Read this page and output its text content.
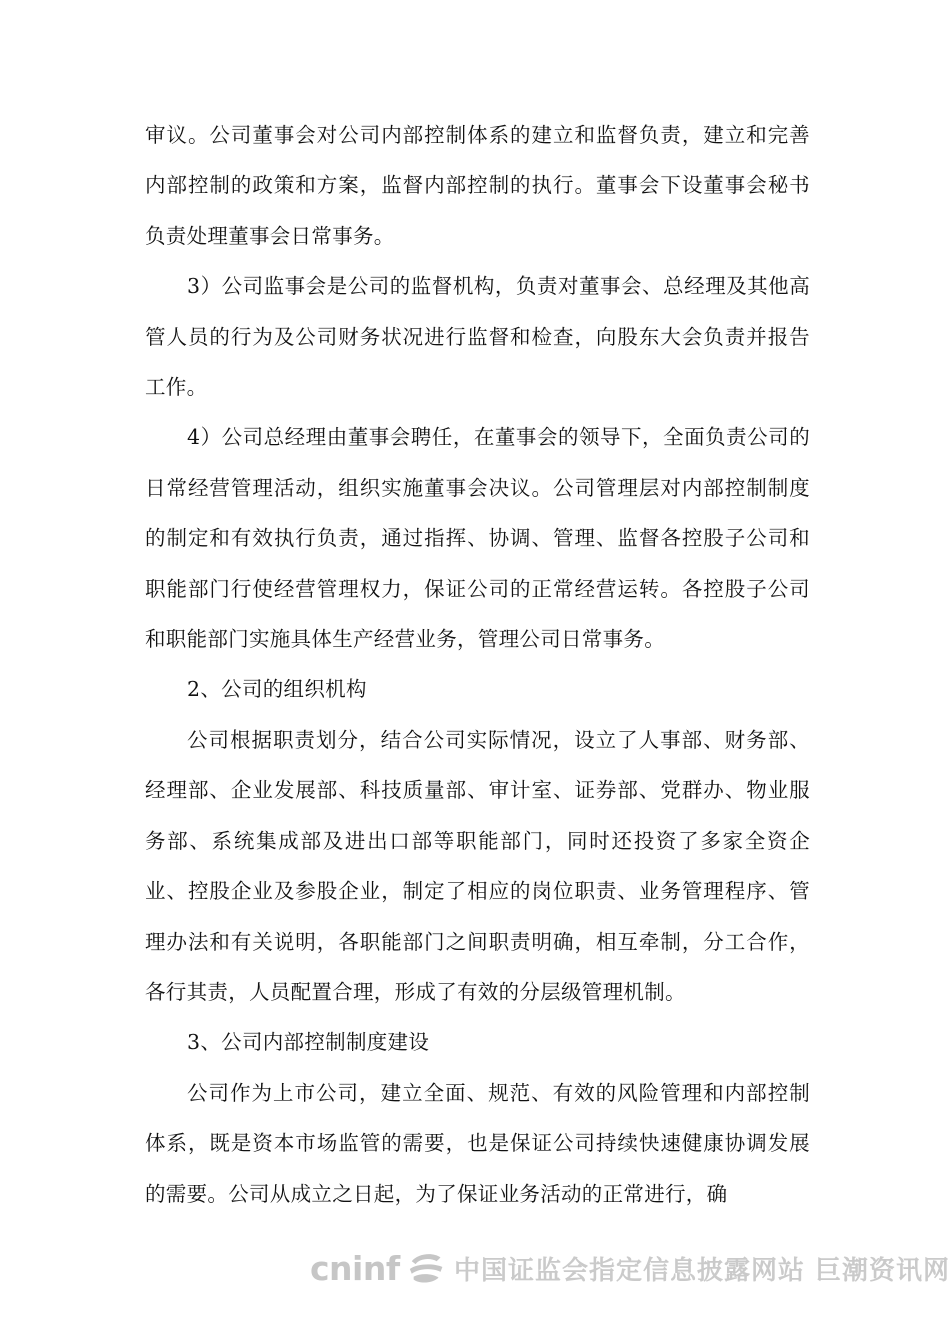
审议。公司董事会对公司内部控制体系的建立和监督负责，建立和完善内部控制的政策和方案，监督内部控制的执行。董事会下设董事会秘书负责处理董事会日常事务。

3）公司监事会是公司的监督机构，负责对董事会、总经理及其他高管人员的行为及公司财务状况进行监督和检查，向股东大会负责并报告工作。

4）公司总经理由董事会聘任，在董事会的领导下，全面负责公司的日常经营管理活动，组织实施董事会决议。公司管理层对内部控制制度的制定和有效执行负责，通过指挥、协调、管理、监督各控股子公司和职能部门行使经营管理权力，保证公司的正常经营运转。各控股子公司和职能部门实施具体生产经营业务，管理公司日常事务。

2、公司的组织机构

公司根据职责划分，结合公司实际情况，设立了人事部、财务部、经理部、企业发展部、科技质量部、审计室、证券部、党群办、物业服务部、系统集成部及进出口部等职能部门，同时还投资了多家全资企业、控股企业及参股企业，制定了相应的岗位职责、业务管理程序、管理办法和有关说明，各职能部门之间职责明确，相互牵制，分工合作，各行其责，人员配置合理，形成了有效的分层级管理机制。

3、公司内部控制制度建设

公司作为上市公司，建立全面、规范、有效的风险管理和内部控制体系，既是资本市场监管的需要，也是保证公司持续快速健康协调发展的需要。公司从成立之日起，为了保证业务活动的正常进行，确

cninf 中国证监会指定信息披露网站 巨潮资讯网
